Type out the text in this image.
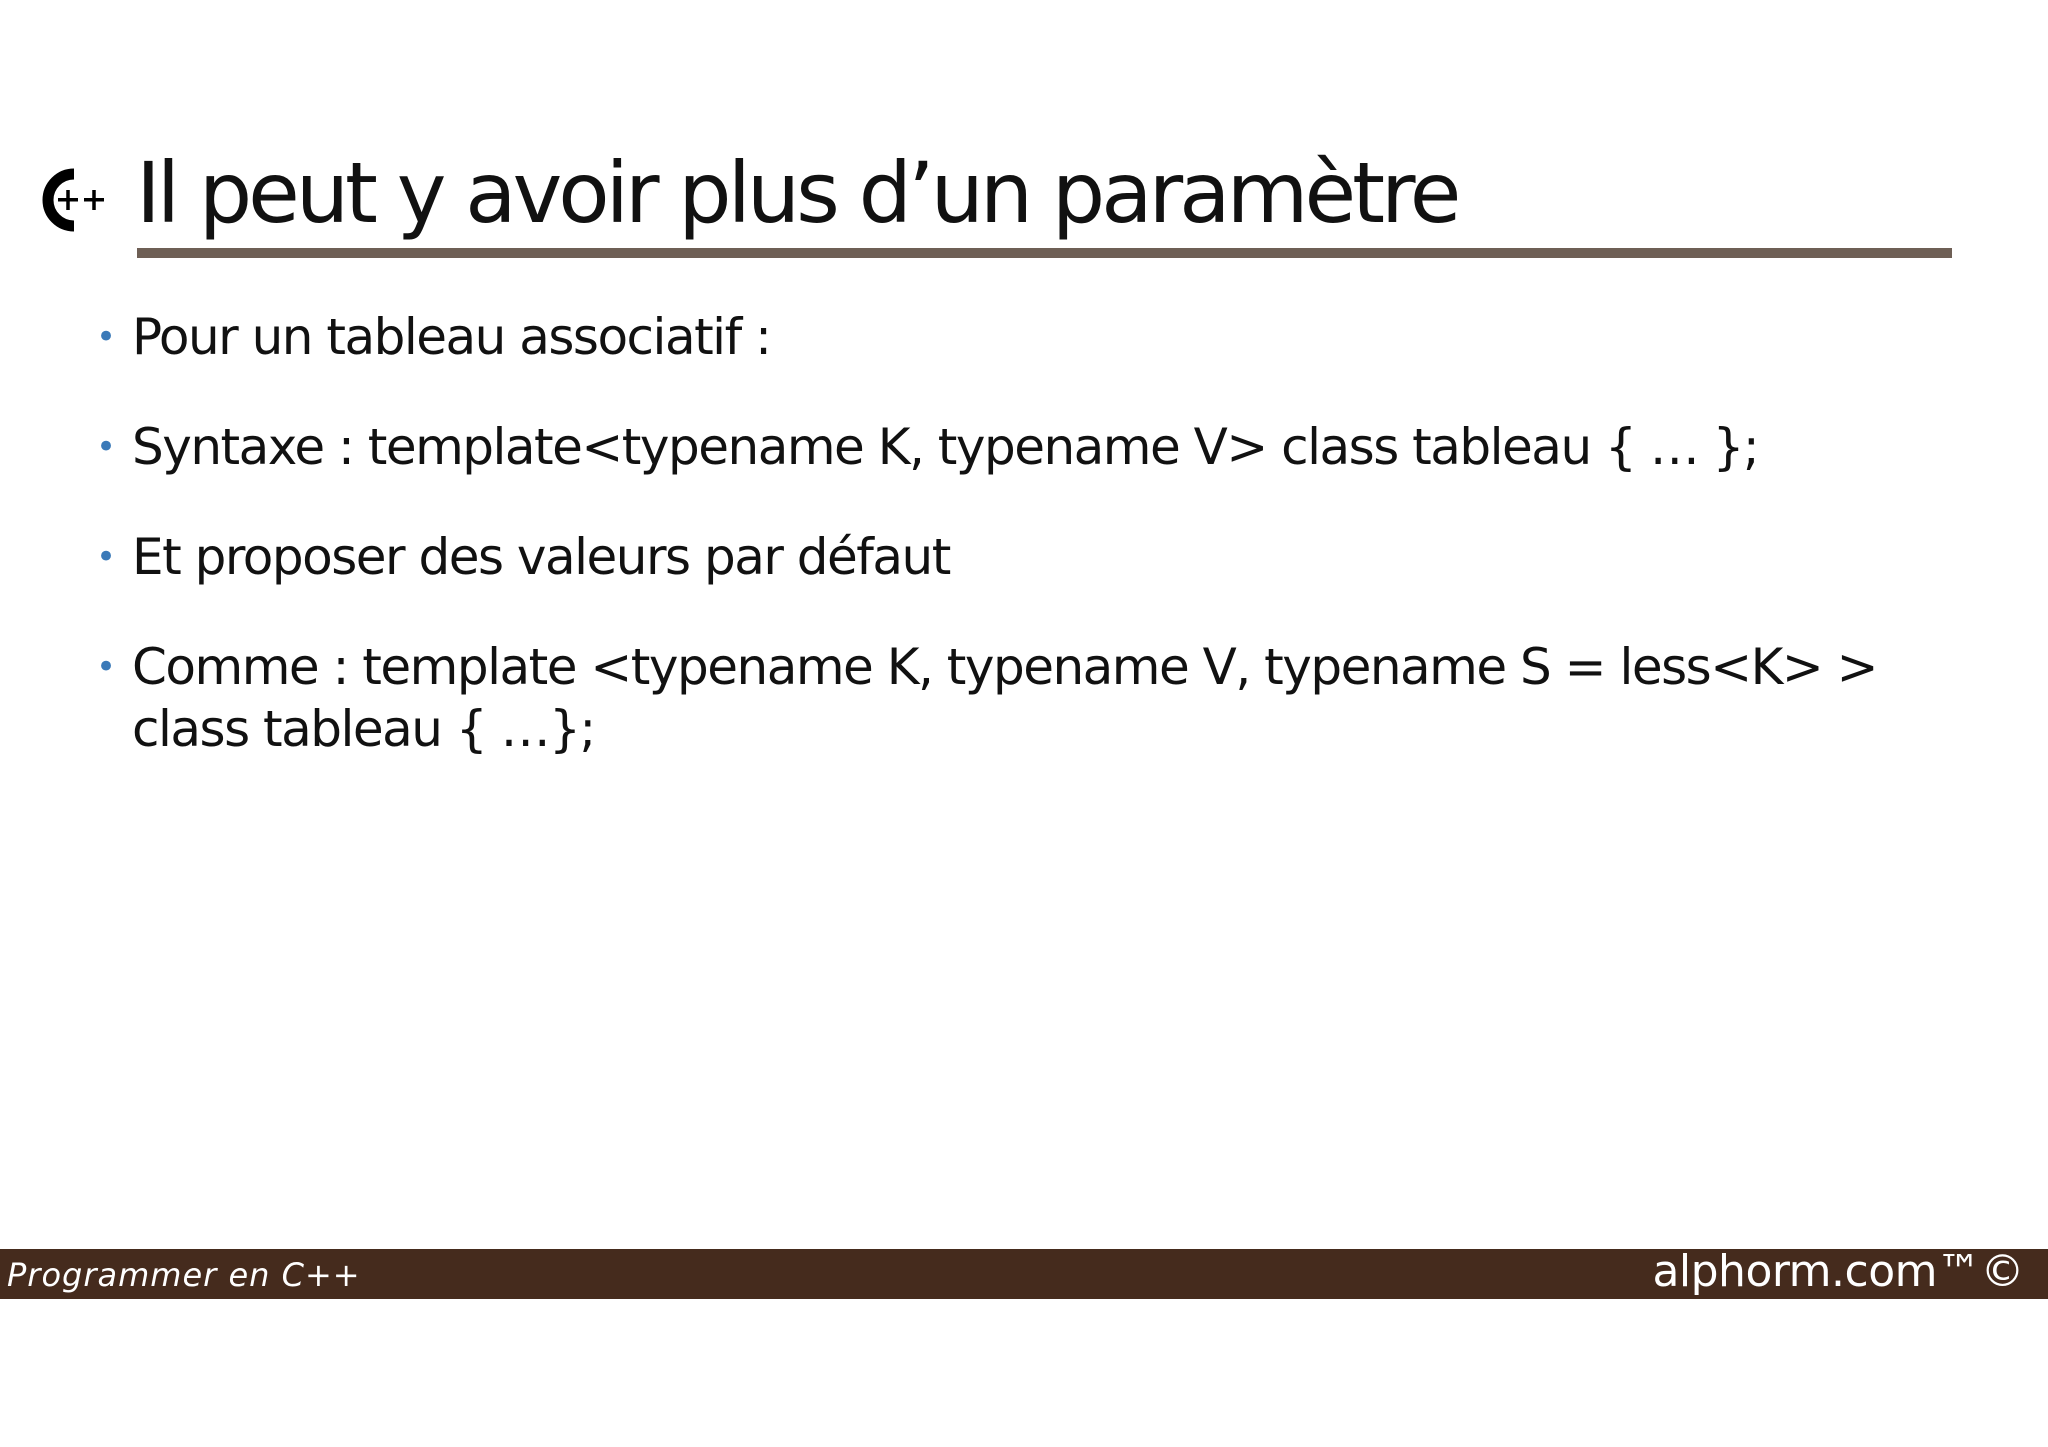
Il peut y avoir plus d’un paramètre
• Pour un tableau associatif :
• Syntaxe : template<typename K, typename V> class tableau { … };
• Et proposer des valeurs par défaut
• Comme : template <typename K, typename V, typename S = less<K> > class tableau { …};
Programmer en C++	alphorm.com™©
